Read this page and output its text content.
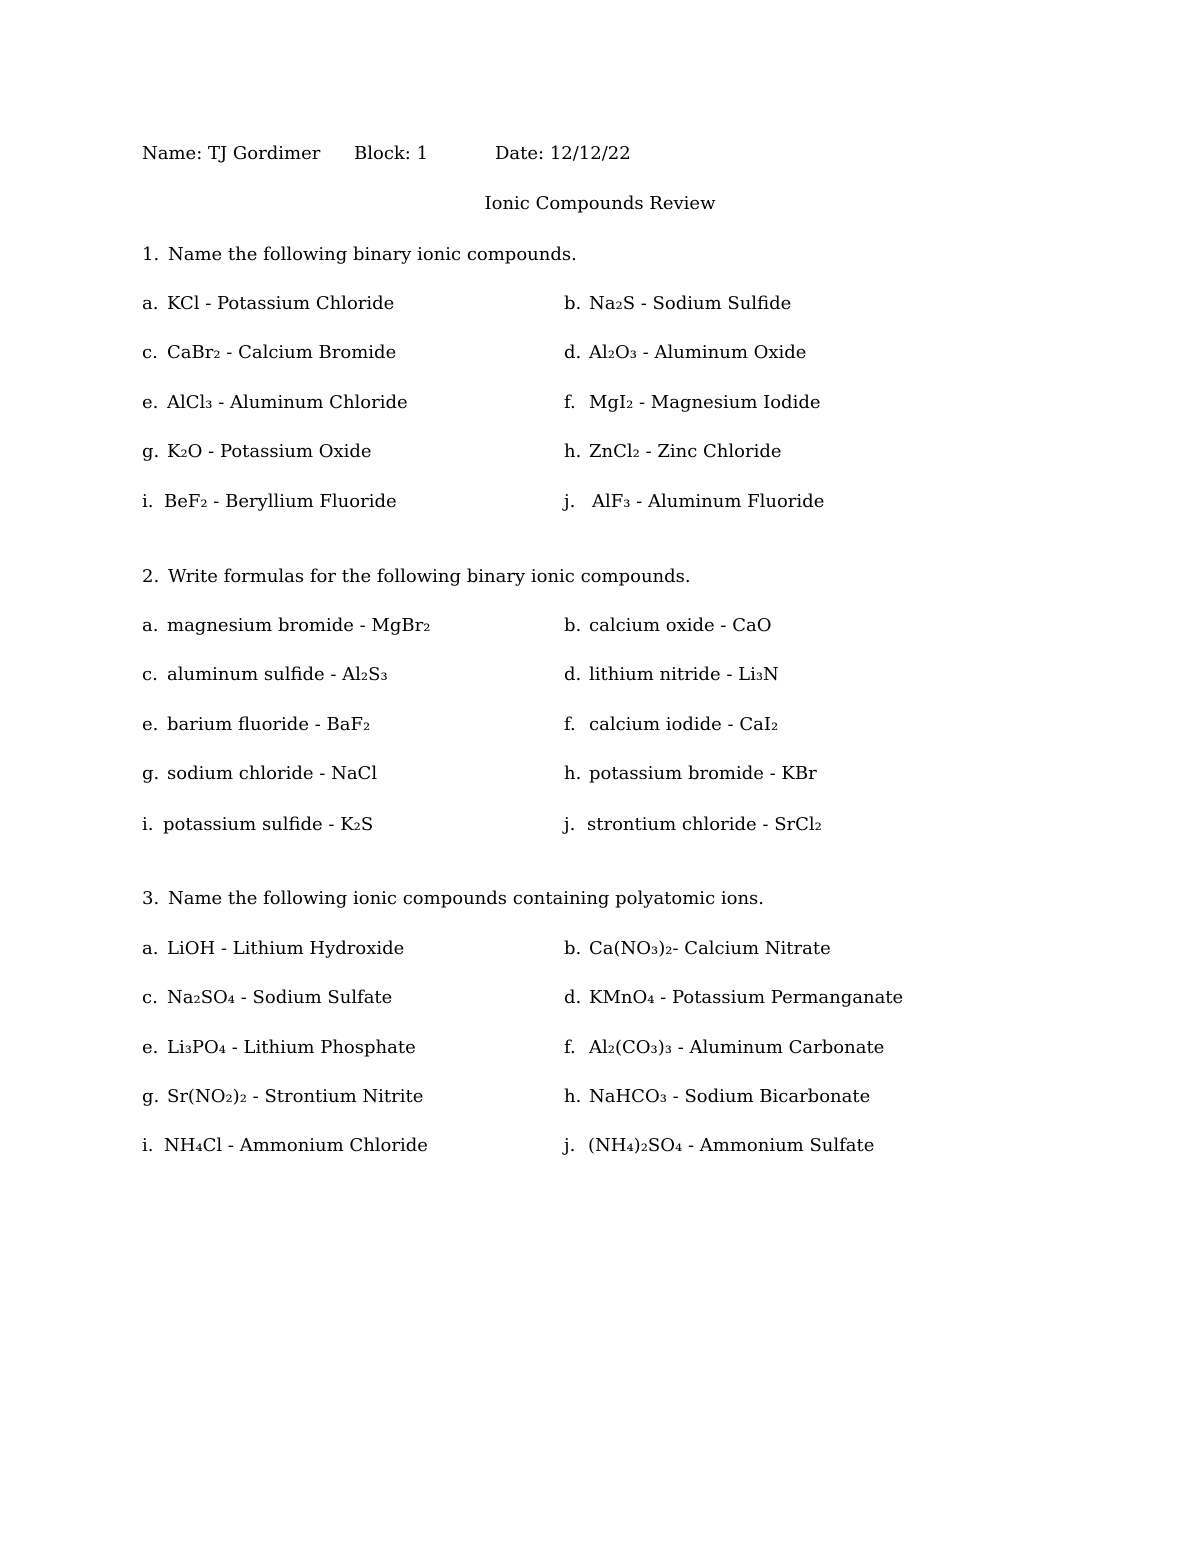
Name: TJ Gordimer Block: 1	Date: 12/12/22
Ionic Compounds Review
1. Name the following binary ionic compounds.
a. KCl - Potassium Chloride	b. Na₂S - Sodium Sulfide
c. CaBr₂ - Calcium Bromide	d. Al₂O₃ - Aluminum Oxide
e. AlCl₃ - Aluminum Chloride	f. MgI₂ - Magnesium Iodide
g. K₂O - Potassium Oxide	h. ZnCl₂ - Zinc Chloride
i. BeF₂ - Beryllium Fluoride	j. AlF₃ - Aluminum Fluoride
2. Write formulas for the following binary ionic compounds.
a. magnesium bromide - MgBr₂	b. calcium oxide - CaO
c. aluminum sulfide - Al₂S₃	d. lithium nitride - Li₃N
e. barium fluoride - BaF₂	f. calcium iodide - CaI₂
g. sodium chloride - NaCl	h. potassium bromide - KBr
i. potassium sulfide - K₂S	j. strontium chloride - SrCl₂
3. Name the following ionic compounds containing polyatomic ions.
a. LiOH - Lithium Hydroxide	b. Ca(NO₃)₂- Calcium Nitrate
c. Na₂SO₄ - Sodium Sulfate	d. KMnO₄ - Potassium Permanganate
e. Li₃PO₄ - Lithium Phosphate	f. Al₂(CO₃)₃ - Aluminum Carbonate
g. Sr(NO₂)₂ - Strontium Nitrite	h. NaHCO₃ - Sodium Bicarbonate
i. NH₄Cl - Ammonium Chloride	j. (NH₄)₂SO₄ - Ammonium Sulfate
